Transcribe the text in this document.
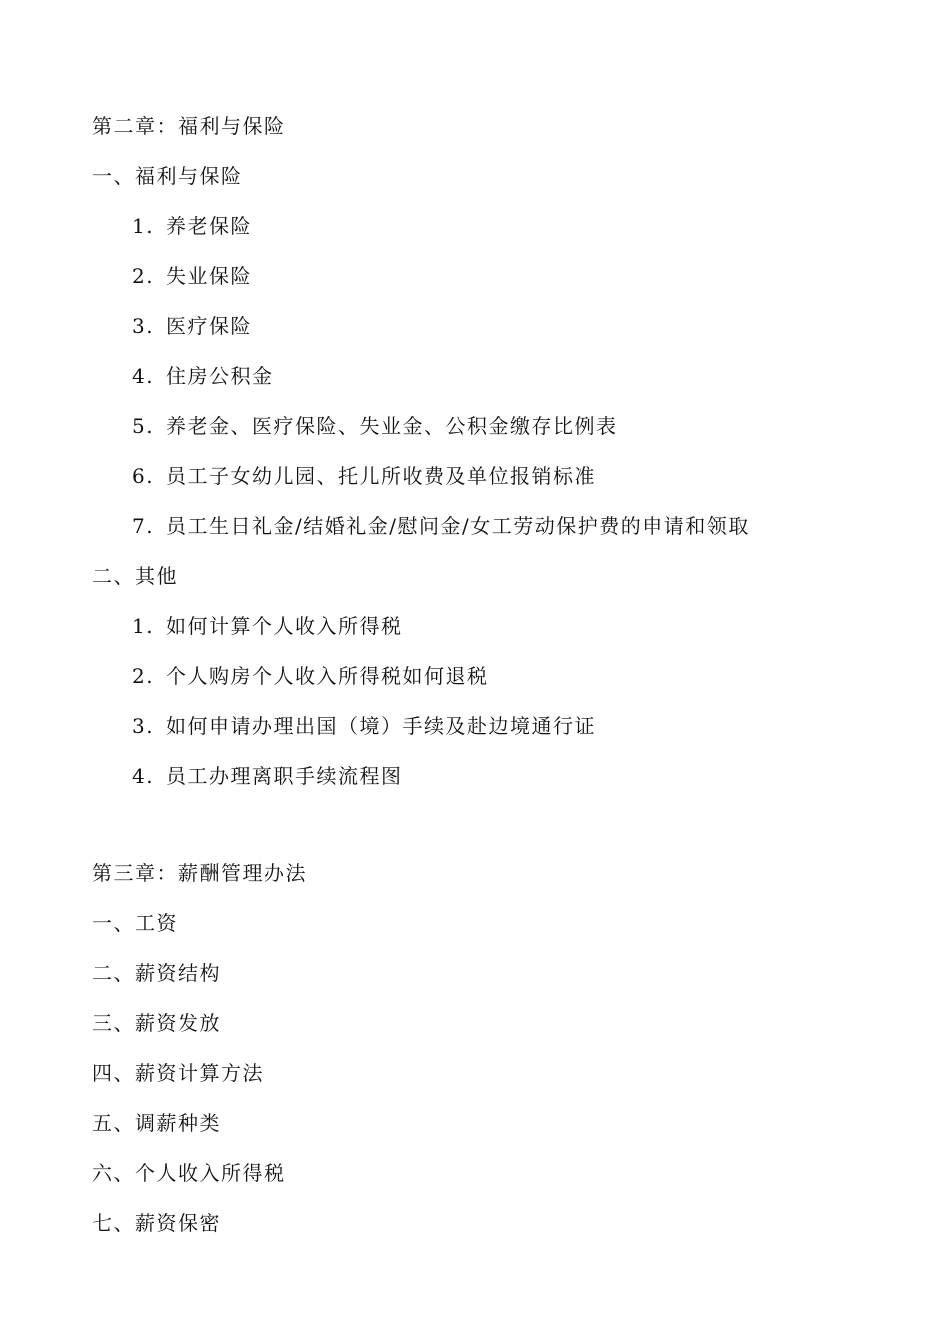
第二章：福利与保险
一、福利与保险
1. 养老保险
2. 失业保险
3. 医疗保险
4. 住房公积金
5. 养老金、医疗保险、失业金、公积金缴存比例表
6. 员工子女幼儿园、托儿所收费及单位报销标准
7. 员工生日礼金/结婚礼金/慰问金/女工劳动保护费的申请和领取
二、其他
1. 如何计算个人收入所得税
2. 个人购房个人收入所得税如何退税
3. 如何申请办理出国（境）手续及赴边境通行证
4. 员工办理离职手续流程图
第三章：薪酬管理办法
一、工资
二、薪资结构
三、薪资发放
四、薪资计算方法
五、调薪种类
六、个人收入所得税
七、薪资保密
